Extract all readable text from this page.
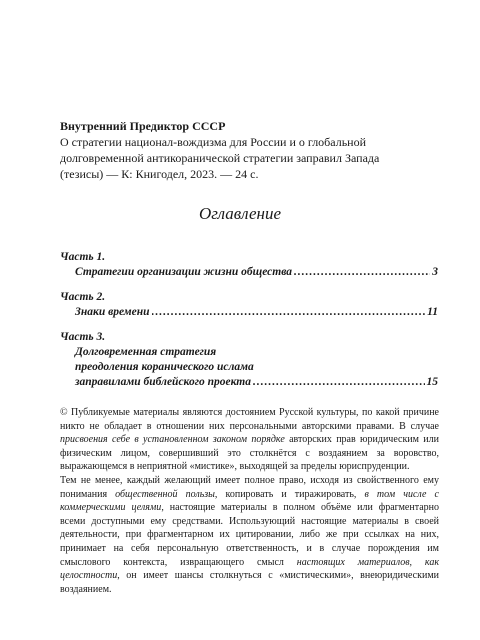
Внутренний Предиктор СССР
О стратегии национал-вождизма для России и о глобальной
долговременной антикоранической стратегии заправил Запада
(тезисы) — К: Книгодел, 2023. — 24 с.
Оглавление
Часть 1.
Стратегии организации жизни общества .....	3
Часть 2.
Знаки времени .....	11
Часть 3.
Долговременная стратегия
преодоления коранического ислама
заправилами библейского проекта .....	15

© Публикуемые материалы являются достоянием Русской культуры, по какой причине никто не обладает в отношении них персональными авторскими правами. В случае присвоения себе в установленном законом порядке авторских прав юридическим или физическим лицом, совершивший это столкнётся с воздаянием за воровство, выражающемся в неприятной «мистике», выходящей за пределы юриспруденции.

Тем не менее, каждый желающий имеет полное право, исходя из свойственного ему понимания общественной пользы, копировать и тиражировать, в том числе с коммерческими целями, настоящие материалы в полном объёме или фрагментарно всеми доступными ему средствами. Использующий настоящие материалы в своей деятельности, при фрагментарном их цитировании, либо же при ссылках на них, принимает на себя персональную ответственность, и в случае порождения им смыслового контекста, извращающего смысл настоящих материалов, как целостности, он имеет шансы столкнуться с «мистическими», внеюридическими воздаянием.
